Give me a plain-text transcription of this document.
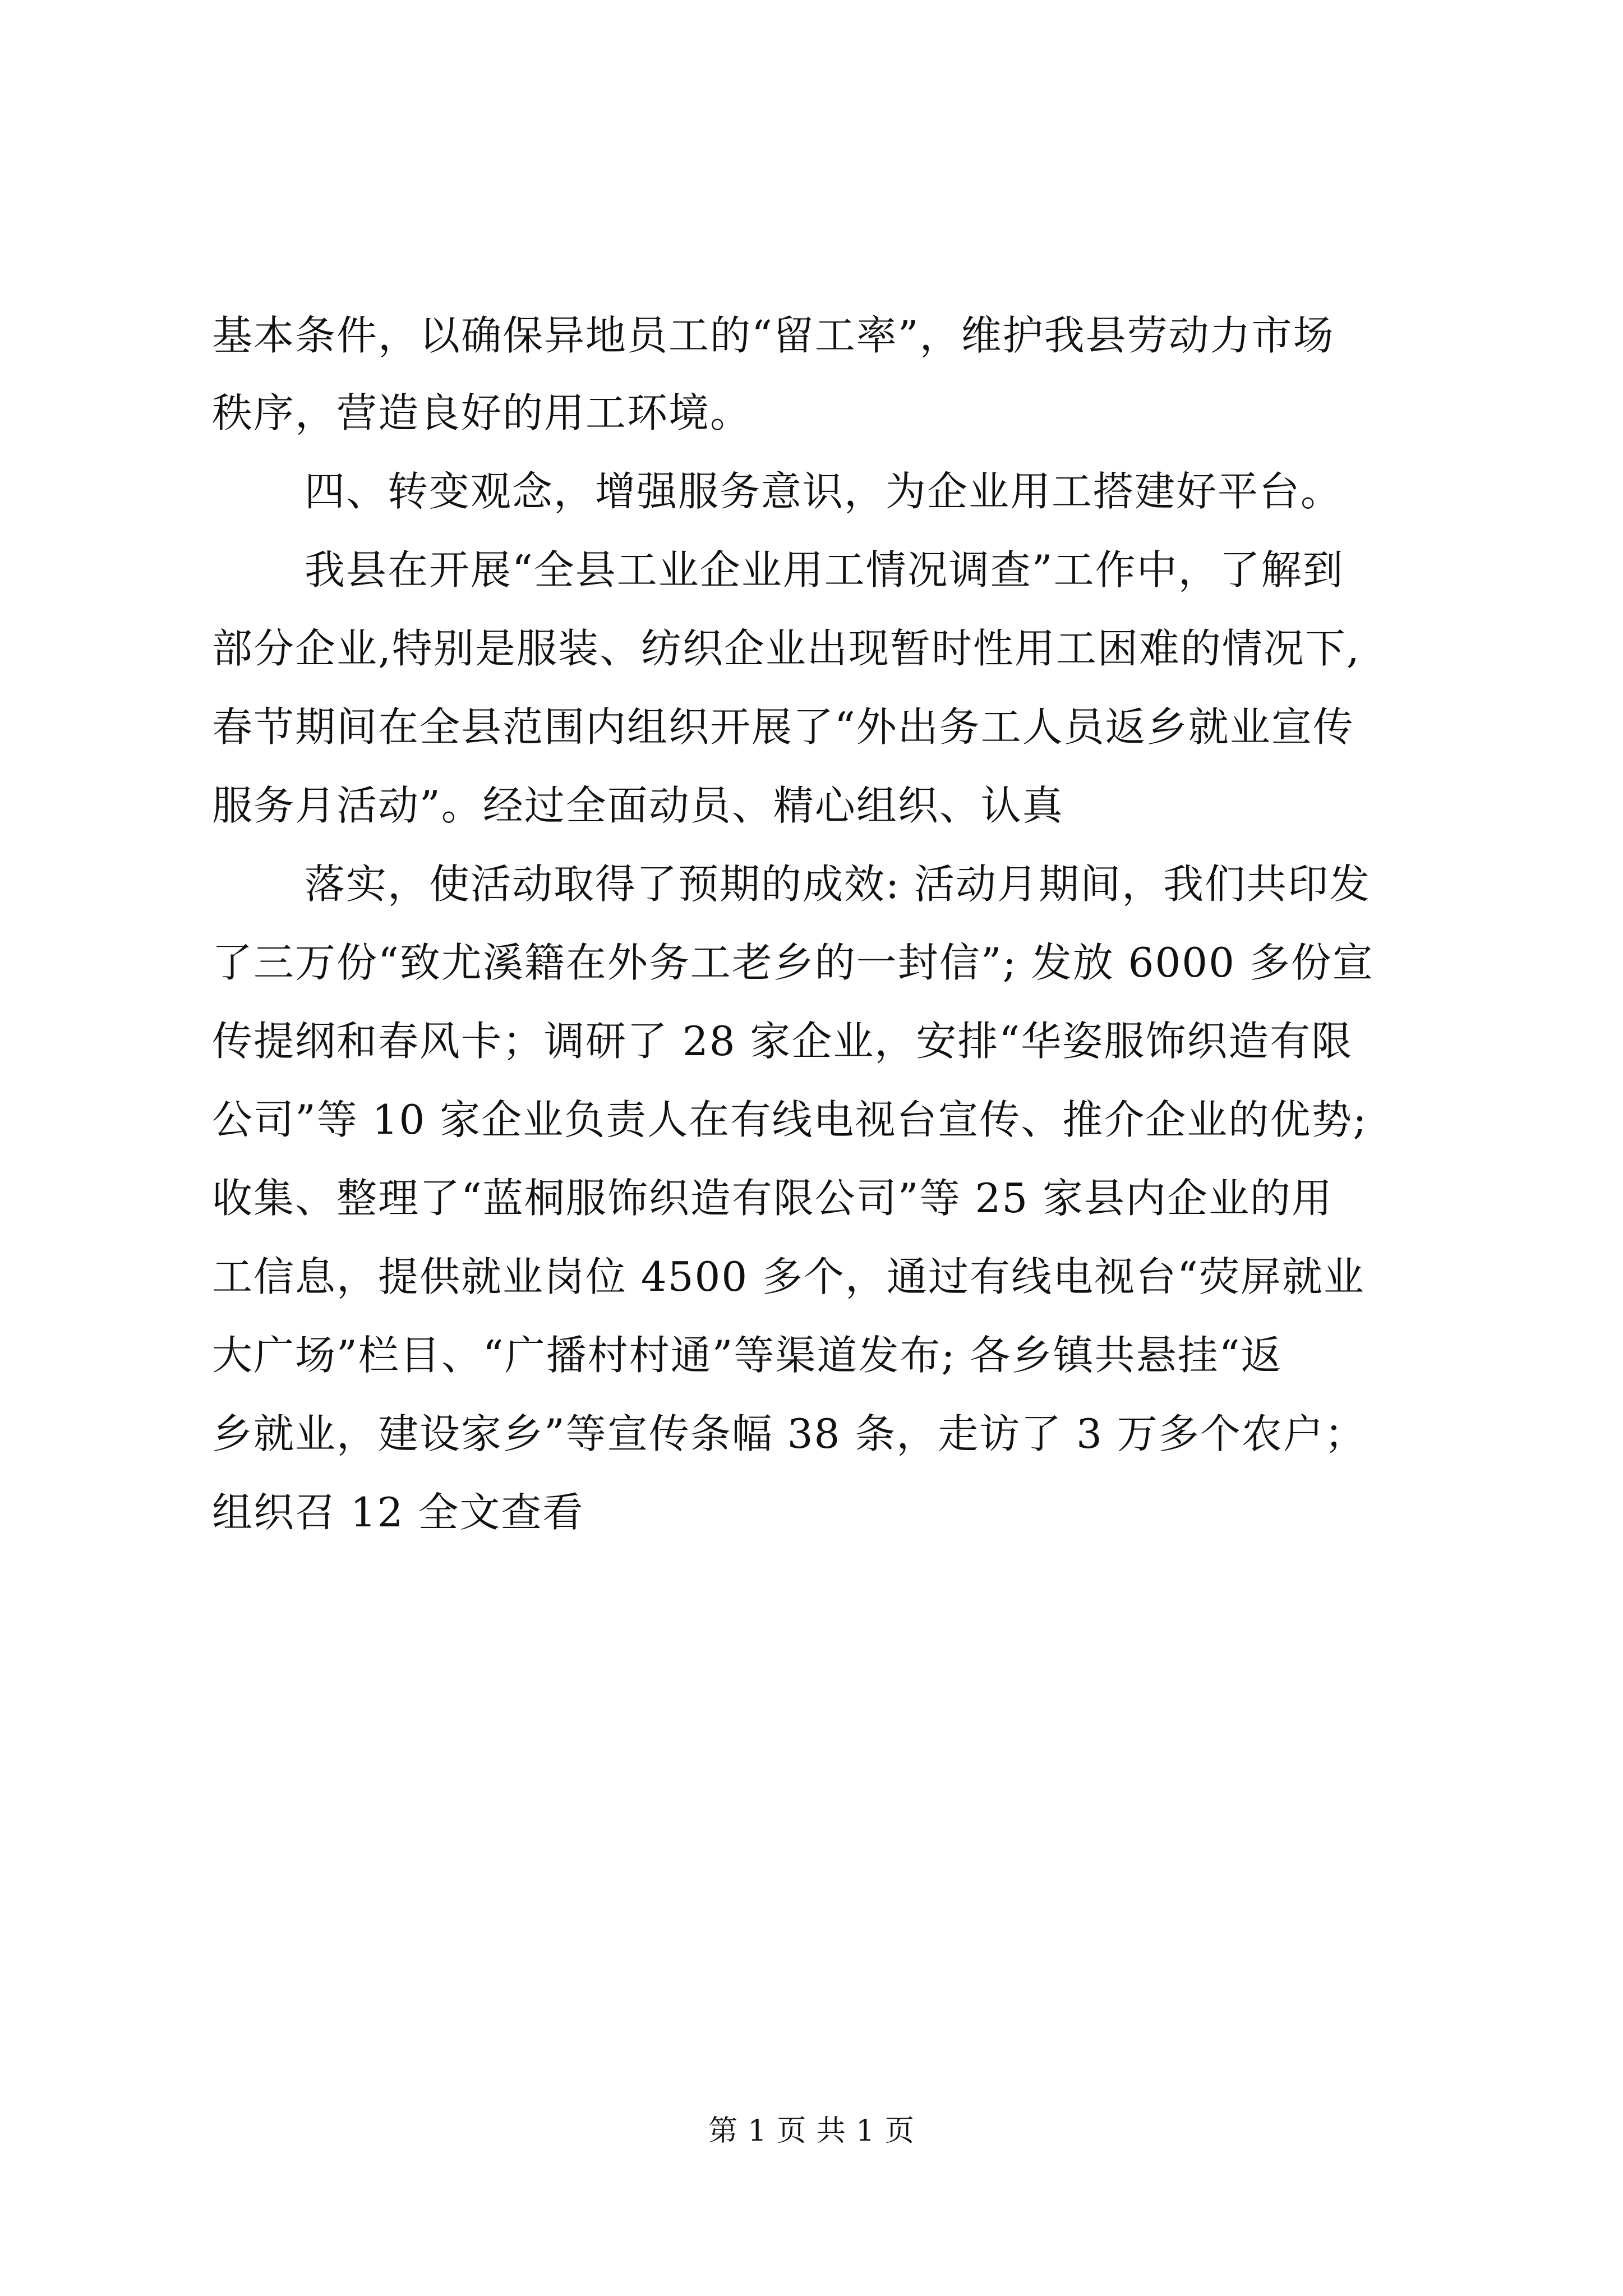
基本条件，以确保异地员工的“留工率”，维护我县劳动力市场
秩序，营造良好的用工环境。
四、转变观念，增强服务意识，为企业用工搭建好平台。
我县在开展“全县工业企业用工情况调查”工作中，了解到
部分企业,特别是服装、纺织企业出现暂时性用工困难的情况下,
春节期间在全县范围内组织开展了“外出务工人员返乡就业宣传
服务月活动”。经过全面动员、精心组织、认真
落实，使活动取得了预期的成效: 活动月期间，我们共印发
了三万份“致尤溪籍在外务工老乡的一封信”; 发放 6000 多份宣
传提纲和春风卡；调研了 28 家企业，安排“华姿服饰织造有限
公司”等 10 家企业负责人在有线电视台宣传、推介企业的优势;
收集、整理了“蓝桐服饰织造有限公司”等 25 家县内企业的用
工信息，提供就业岗位 4500 多个，通过有线电视台“荧屏就业
大广场”栏目、“广播村村通”等渠道发布; 各乡镇共悬挂“返
乡就业，建设家乡”等宣传条幅 38 条，走访了 3 万多个农户；
组织召 12 全文查看
第 1 页 共 1 页
